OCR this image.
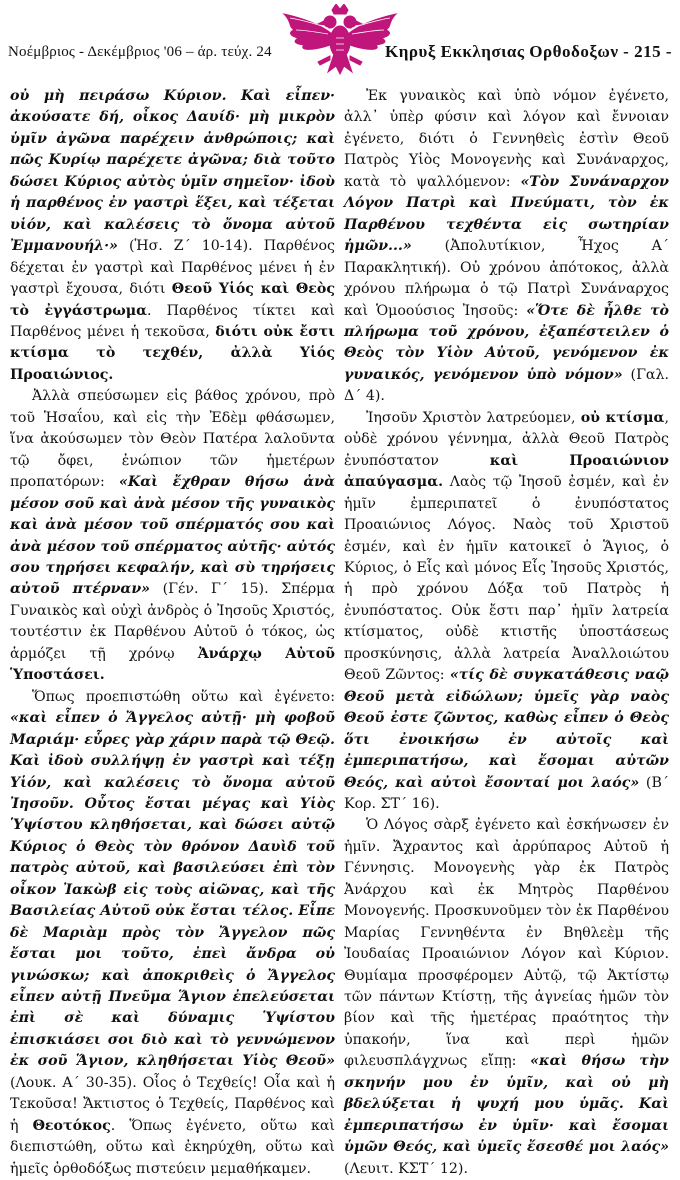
Νοέμβριος - Δεκέμβριος '06 – άρ. τεύχ. 24	Κηρυξ Εκκλησιας Ορθοδοξων - 215 -

οὐ μὴ πειράσω Κύριον. Καὶ εἶπεν· ἀκούσατε δή, οἶκος Δαυίδ· μὴ μικρὸν ὑμῖν ἀγῶνα παρέχειν ἀνθρώποις; καὶ πῶς Κυρίῳ παρέχετε ἀγῶνα; διὰ τοῦτο δώσει Κύριος αὐτὸς ὑμῖν σημεῖον· ἰδοὺ ἡ παρθένος ἐν γαστρὶ ἕξει, καὶ τέξεται υἱόν, καὶ καλέσεις τὸ ὄνομα αὐτοῦ Ἐμμανουήλ·» (Ἡσ. Ζ΄ 10-14). Παρθένος δέχεται ἐν γαστρὶ καὶ Παρθένος μένει ἡ ἐν γαστρὶ ἔχουσα, διότι Θεοῦ Υἱός καὶ Θεὸς τὸ ἐγγάστρωμα. Παρθένος τίκτει καὶ Παρθένος μένει ἡ τεκοῦσα, διότι οὐκ ἔστι κτίσμα τὸ τεχθέν, ἀλλὰ Υἱός Προαιώνιος.

Ἀλλὰ σπεύσωμεν εἰς βάθος χρόνου, πρὸ τοῦ Ἡσαΐου, καὶ εἰς τὴν Ἐδὲμ φθάσωμεν, ἵνα ἀκούσωμεν τὸν Θεὸν Πατέρα λαλοῦντα τῷ ὄφει, ἐνώπιον τῶν ἡμετέρων προπατόρων: «Καὶ ἔχθραν θήσω ἀνὰ μέσον σοῦ καὶ ἀνὰ μέσον τῆς γυναικὸς καὶ ἀνὰ μέσον τοῦ σπέρματός σου καὶ ἀνὰ μέσον τοῦ σπέρματος αὐτῆς· αὐτός σου τηρήσει κεφαλήν, καὶ σὺ τηρήσεις αὐτοῦ πτέρναν» (Γέν. Γ΄ 15). Σπέρμα Γυναικὸς καὶ οὐχὶ ἀνδρὸς ὁ Ἰησοῦς Χριστός, τουτέστιν ἐκ Παρθένου Αὐτοῦ ὁ τόκος, ὡς ἁρμόζει τῇ χρόνῳ Ἀνάρχῳ Αὐτοῦ Ὑποστάσει.

Ὅπως προεπιστώθη οὕτω καὶ ἐγένετο: «καὶ εἶπεν ὁ Ἄγγελος αὐτῇ· μὴ φοβοῦ Μαριάμ· εὗρες γὰρ χάριν παρὰ τῷ Θεῷ. Καὶ ἰδοὺ συλλήψῃ ἐν γαστρὶ καὶ τέξῃ Υἱόν, καὶ καλέσεις τὸ ὄνομα αὐτοῦ Ἰησοῦν. Οὗτος ἔσται μέγας καὶ Υἱὸς Ὑψίστου κληθήσεται, καὶ δώσει αὐτῷ Κύριος ὁ Θεὸς τὸν θρόνον Δαυὶδ τοῦ πατρὸς αὐτοῦ, καὶ βασιλεύσει ἐπὶ τὸν οἶκον Ἰακὼβ εἰς τοὺς αἰῶνας, καὶ τῆς Βασιλείας Αὐτοῦ οὐκ ἔσται τέλος. Εἶπε δὲ Μαριὰμ πρὸς τὸν Ἄγγελον πῶς ἔσται μοι τοῦτο, ἐπεὶ ἄνδρα οὐ γινώσκω; καὶ ἀποκριθεὶς ὁ Ἄγγελος εἶπεν αὐτῇ Πνεῦμα Ἅγιον ἐπελεύσεται ἐπὶ σὲ καὶ δύναμις Ὑψίστου ἐπισκιάσει σοι διὸ καὶ τὸ γεννώμενον ἐκ σοῦ Ἅγιον, κληθήσεται Υἱὸς Θεοῦ» (Λουκ. Α΄ 30-35). Οἷος ὁ Τεχθείς! Οἷα καὶ ἡ Τεκοῦσα! Ἄκτιστος ὁ Τεχθείς, Παρθένος καὶ ἡ Θεοτόκος. Ὅπως ἐγένετο, οὕτω καὶ διεπιστώθη, οὕτω καὶ ἐκηρύχθη, οὕτω καὶ ἡμεῖς ὀρθοδόξως πιστεύειν μεμαθήκαμεν.

Ἐκ γυναικὸς καὶ ὑπὸ νόμον ἐγένετο, ἀλλ᾽ ὑπὲρ φύσιν καὶ λόγον καὶ ἔννοιαν ἐγένετο, διότι ὁ Γεννηθεὶς ἐστὶν Θεοῦ Πατρὸς Υἱὸς Μονογενὴς καὶ Συνάναρχος, κατὰ τὸ ψαλλόμενον: «Τὸν Συνάναρχον Λόγον Πατρὶ καὶ Πνεύματι, τὸν ἐκ Παρθένου τεχθέντα εἰς σωτηρίαν ἡμῶν...» (Ἀπολυτίκιον, Ἦχος Α΄ Παρακλητική). Οὐ χρόνου ἀπότοκος, ἀλλὰ χρόνου πλήρωμα ὁ τῷ Πατρὶ Συνάναρχος καὶ Ὁμοούσιος Ἰησοῦς: «Ὅτε δὲ ἦλθε τὸ πλήρωμα τοῦ χρόνου, ἐξαπέστειλεν ὁ Θεὸς τὸν Υἱὸν Αὐτοῦ, γενόμενον ἐκ γυναικός, γενόμενον ὑπὸ νόμον» (Γαλ. Δ΄ 4).

Ἰησοῦν Χριστὸν λατρεύομεν, οὐ κτίσμα, οὐδὲ χρόνου γέννημα, ἀλλὰ Θεοῦ Πατρὸς ἐνυπόστατον καὶ Προαιώνιον ἀπαύγασμα. Λαὸς τῷ Ἰησοῦ ἐσμέν, καὶ ἐν ἡμῖν ἐμπεριπατεῖ ὁ ἐνυπόστατος Προαιώνιος Λόγος. Ναὸς τοῦ Χριστοῦ ἐσμέν, καὶ ἐν ἡμῖν κατοικεῖ ὁ Ἅγιος, ὁ Κύριος, ὁ Εἷς καὶ μόνος Εἷς Ἰησοῦς Χριστός, ἡ πρὸ χρόνου Δόξα τοῦ Πατρὸς ἡ ἐνυπόστατος. Οὐκ ἔστι παρ᾽ ἡμῖν λατρεία κτίσματος, οὐδὲ κτιστῆς ὑποστάσεως προσκύνησις, ἀλλὰ λατρεία Ἀναλλοιώτου Θεοῦ Ζῶντος: «τίς δὲ συγκατάθεσις ναῷ Θεοῦ μετὰ εἰδώλων; ὑμεῖς γὰρ ναὸς Θεοῦ ἐστε ζῶντος, καθὼς εἶπεν ὁ Θεὸς ὅτι ἐνοικήσω ἐν αὐτοῖς καὶ ἐμπεριπατήσω, καὶ ἔσομαι αὐτῶν Θεός, καὶ αὐτοὶ ἔσονταί μοι λαός» (Β΄ Κορ. ΣΤ΄ 16).

Ὁ Λόγος σὰρξ ἐγένετο καὶ ἐσκήνωσεν ἐν ἡμῖν. Ἄχραντος καὶ ἀρρύπαρος Αὐτοῦ ἡ Γέννησις. Μονογενὴς γὰρ ἐκ Πατρὸς Ἀνάρχου καὶ ἐκ Μητρὸς Παρθένου Μονογενής. Προσκυνοῦμεν τὸν ἐκ Παρθένου Μαρίας Γεννηθέντα ἐν Βηθλεὲμ τῆς Ἰουδαίας Προαιώνιον Λόγον καὶ Κύριον. Θυμίαμα προσφέρομεν Αὐτῷ, τῷ Ἀκτίστῳ τῶν πάντων Κτίστῃ, τῆς ἁγνείας ἡμῶν τὸν βίον καὶ τῆς ἡμετέρας πραότητος τὴν ὑπακοήν, ἵνα καὶ περὶ ἡμῶν φιλευσπλάγχνως εἴπῃ: «καὶ θήσω τὴν σκηνήν μου ἐν ὑμῖν, καὶ οὐ μὴ βδελύξεται ἡ ψυχή μου ὑμᾶς. Καὶ ἐμπεριπατήσω ἐν ὑμῖν· καὶ ἔσομαι ὑμῶν Θεός, καὶ ὑμεῖς ἔσεσθέ μοι λαός» (Λευιτ. ΚΣΤ΄ 12).
